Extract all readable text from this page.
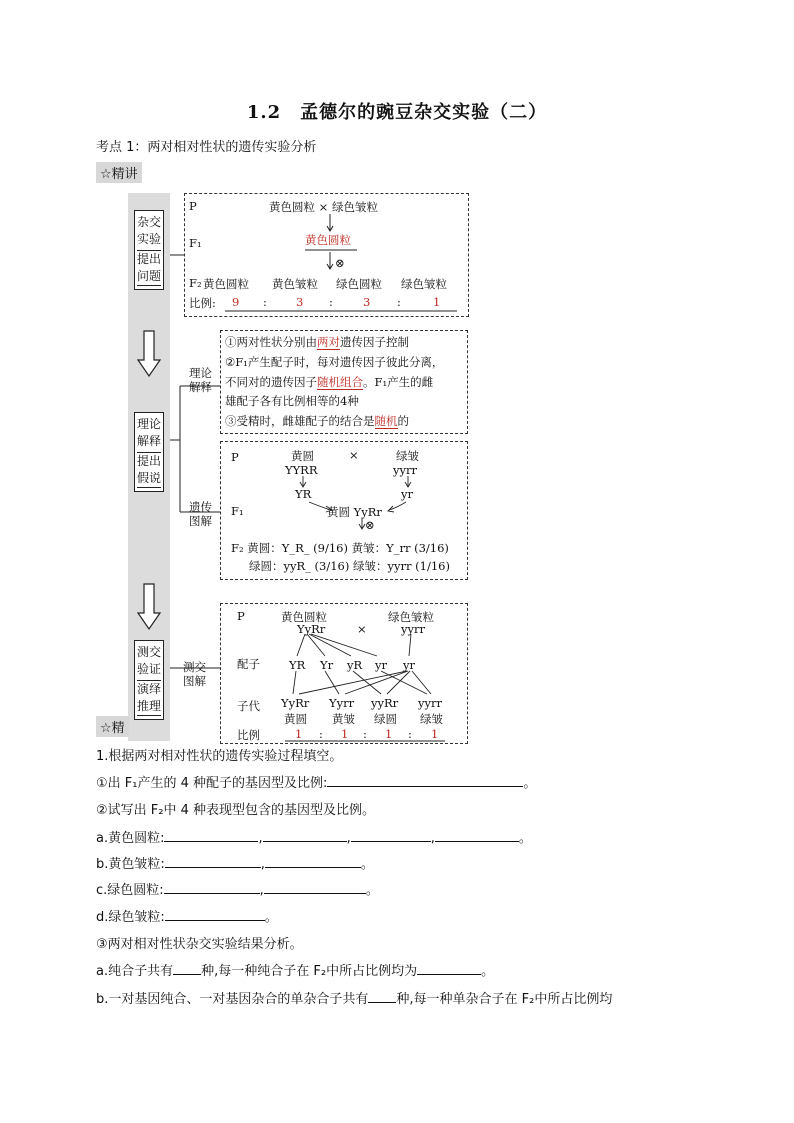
1.2　孟德尔的豌豆杂交实验（二）
考点 1：两对相对性状的遗传实验分析
☆精讲
杂交
实验
提出
问题
理论
解释
提出
假说
测交
验证
演绎
推理
理论
解释
遗传
图解
测交
图解
P	黄色圆粒 × 绿色皱粒
F₁	黄色圆粒
⊗
F₂ 黄色圆粒 黄色皱粒 绿色圆粒 绿色皱粒
比例: 9 :	3 :	3 :	1
①两对性状分别由两对遗传因子控制
②F₁产生配子时，每对遗传因子彼此分离，
不同对的遗传因子随机组合。F₁产生的雌
雄配子各有比例相等的4种
③受精时，雌雄配子的结合是随机的
P	黄圆	×	绿皱
YYRR	yyrr
YR	yr
F₁	黄圆 YyRr
⊗
F₂ 黄圆：Y_R_ (9/16) 黄皱：Y_rr (3/16)
绿圆：yyR_ (3/16) 绿皱：yyrr (1/16)
P	黄色圆粒	绿色皱粒
YyRr	×	yyrr
配子	YR Yr yR yr yr
子代 YyRr Yyrr yyRr yyrr
黄圆 黄皱 绿圆 绿皱
比例	1 : 1 : 1 : 1
☆精
1.根据两对相对性状的遗传实验过程填空。
①出 F₁产生的 4 种配子的基因型及比例:	。
②试写出 F₂中 4 种表现型包含的基因型及比例。
a.黄色圆粒:	,	,	,	。
b.黄色皱粒:	,	。
c.绿色圆粒:	,	。
d.绿色皱粒:	。
③两对相对性状杂交实验结果分析。
a.纯合子共有 种,每一种纯合子在 F₂中所占比例均为	。
b.一对基因纯合、一对基因杂合的单杂合子共有 种,每一种单杂合子在 F₂中所占比例均
